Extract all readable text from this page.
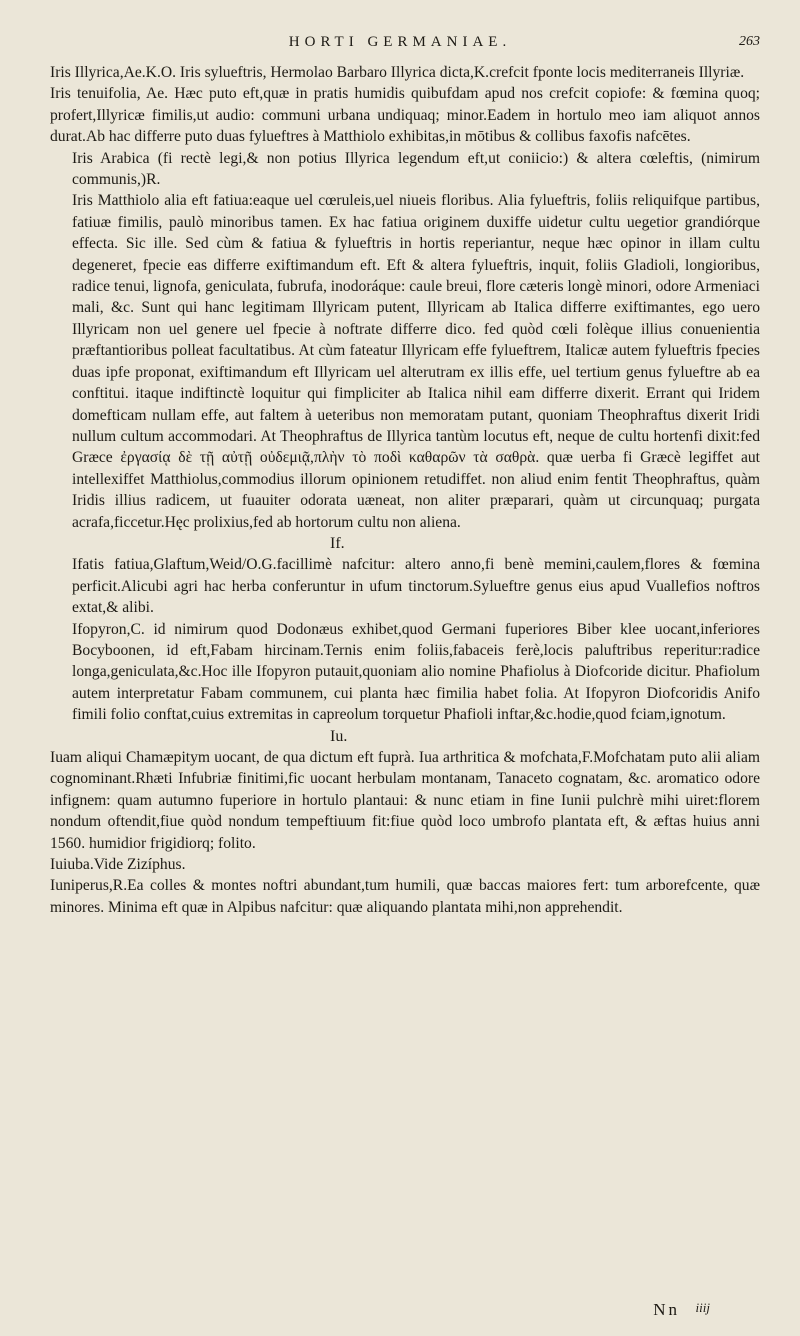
HORTI GERMANIAE.	263

Iris Illyrica,Ae.K.O. Iris sylueftris, Hermolao Barbaro Illyrica dicta,K.crefcit fponte locis mediterraneis Illyriæ.

Iris tenuifolia, Ae. Hæc puto eft,quæ in pratis humidis quibufdam apud nos crefcit copiofe: & fœmina quoq; profert,Illyricæ fimilis,ut audio: communi urbana undiquaq; minor.Eadem in hortulo meo iam aliquot annos durat.Ab hac differre puto duas fylueftres à Matthiolo exhibitas,in mōtibus & collibus faxofis nafcētes.

Iris Arabica (fi rectè legi,& non potius Illyrica legendum eft,ut coniicio:) & altera cœleftis, (nimirum communis,)R.

Iris Matthiolo alia eft fatiua:eaque uel cœruleis,uel niueis floribus. Alia fylueftris, foliis reliquifque partibus, fatiuæ fimilis, paulò minoribus tamen. Ex hac fatiua originem duxiffe uidetur cultu uegetior grandiórque effecta. Sic ille. Sed cùm & fatiua & fylueftris in hortis reperiantur, neque hæc opinor in illam cultu degeneret, fpecie eas differre exiftimandum eft. Eft & altera fylueftris, inquit, foliis Gladioli, longioribus, radice tenui, lignofa, geniculata, fubrufa, inodoráque: caule breui, flore cæteris longè minori, odore Armeniaci mali, &c. Sunt qui hanc legitimam Illyricam putent, Illyricam ab Italica differre exiftimantes, ego uero Illyricam non uel genere uel fpecie à noftrate differre dico. fed quòd cœli folèque illius conuenientia præftantioribus polleat facultatibus. At cùm fateatur Illyricam effe fylueftrem, Italicæ autem fylueftris fpecies duas ipfe proponat, exiftimandum eft Illyricam uel alterutram ex illis effe, uel tertium genus fylueftre ab ea conftitui. itaque indiftinctè loquitur qui fimpliciter ab Italica nihil eam differre dixerit. Errant qui Iridem domefticam nullam effe, aut faltem à ueteribus non memoratam putant, quoniam Theophraftus dixerit Iridi nullum cultum accommodari. At Theophraftus de Illyrica tantùm locutus eft, neque de cultu hortenfi dixit:fed Græce ἐργασίᾳ δὲ τῇ αὐτῇ οὐδεμιᾷ,πλὴν τὸ ποδὶ καθαρῶν τὰ σαθρὰ. quæ uerba fi Græcè legiffet aut intellexiffet Matthiolus,commodius illorum opinionem retudiffet. non aliud enim fentit Theophraftus, quàm Iridis illius radicem, ut fuauiter odorata uæneat, non aliter præparari, quàm ut circunquaq; purgata acrafa,ficcetur.Hęc prolixius,fed ab hortorum cultu non aliena.

If.

Ifatis fatiua,Glaftum,Weid/O.G.facillimè nafcitur: altero anno,fi benè memini,caulem,flores & fœmina perficit.Alicubi agri hac herba conferuntur in ufum tinctorum.Sylueftre genus eius apud Vuallefios noftros extat,& alibi.

Ifopyron,C. id nimirum quod Dodonæus exhibet,quod Germani fuperiores Biber klee uocant,inferiores Bocyboonen, id eft,Fabam hircinam.Ternis enim foliis,fabaceis ferè,locis paluftribus reperitur:radice longa,geniculata,&c.Hoc ille Ifopyron putauit,quoniam alio nomine Phafiolus à Diofcoride dicitur. Phafiolum autem interpretatur Fabam communem, cui planta hæc fimilia habet folia. At Ifopyron Diofcoridis Anifo fimili folio conftat,cuius extremitas in capreolum torquetur Phafioli inftar,&c.hodie,quod fciam,ignotum.

Iu.

Iuam aliqui Chamæpitym uocant, de qua dictum eft fuprà. Iua arthritica & mofchata,F.Mofchatam puto alii aliam cognominant.Rhæti Infubriæ finitimi,fic uocant herbulam montanam, Tanaceto cognatam, &c. aromatico odore infignem: quam autumno fuperiore in hortulo plantaui: & nunc etiam in fine Iunii pulchrè mihi uiret:florem nondum oftendit,fiue quòd nondum tempeftiuum fit:fiue quòd loco umbrofo plantata eft, & æftas huius anni 1560. humidior frigidiorq; folito.

Iuiuba.Vide Zizíphus.

Iuniperus,R.Ea colles & montes noftri abundant,tum humili, quæ baccas maiores fert: tum arborefcente, quæ minores. Minima eft quæ in Alpibus nafcitur: quæ aliquando plantata mihi,non apprehendit.

Nn iiij
